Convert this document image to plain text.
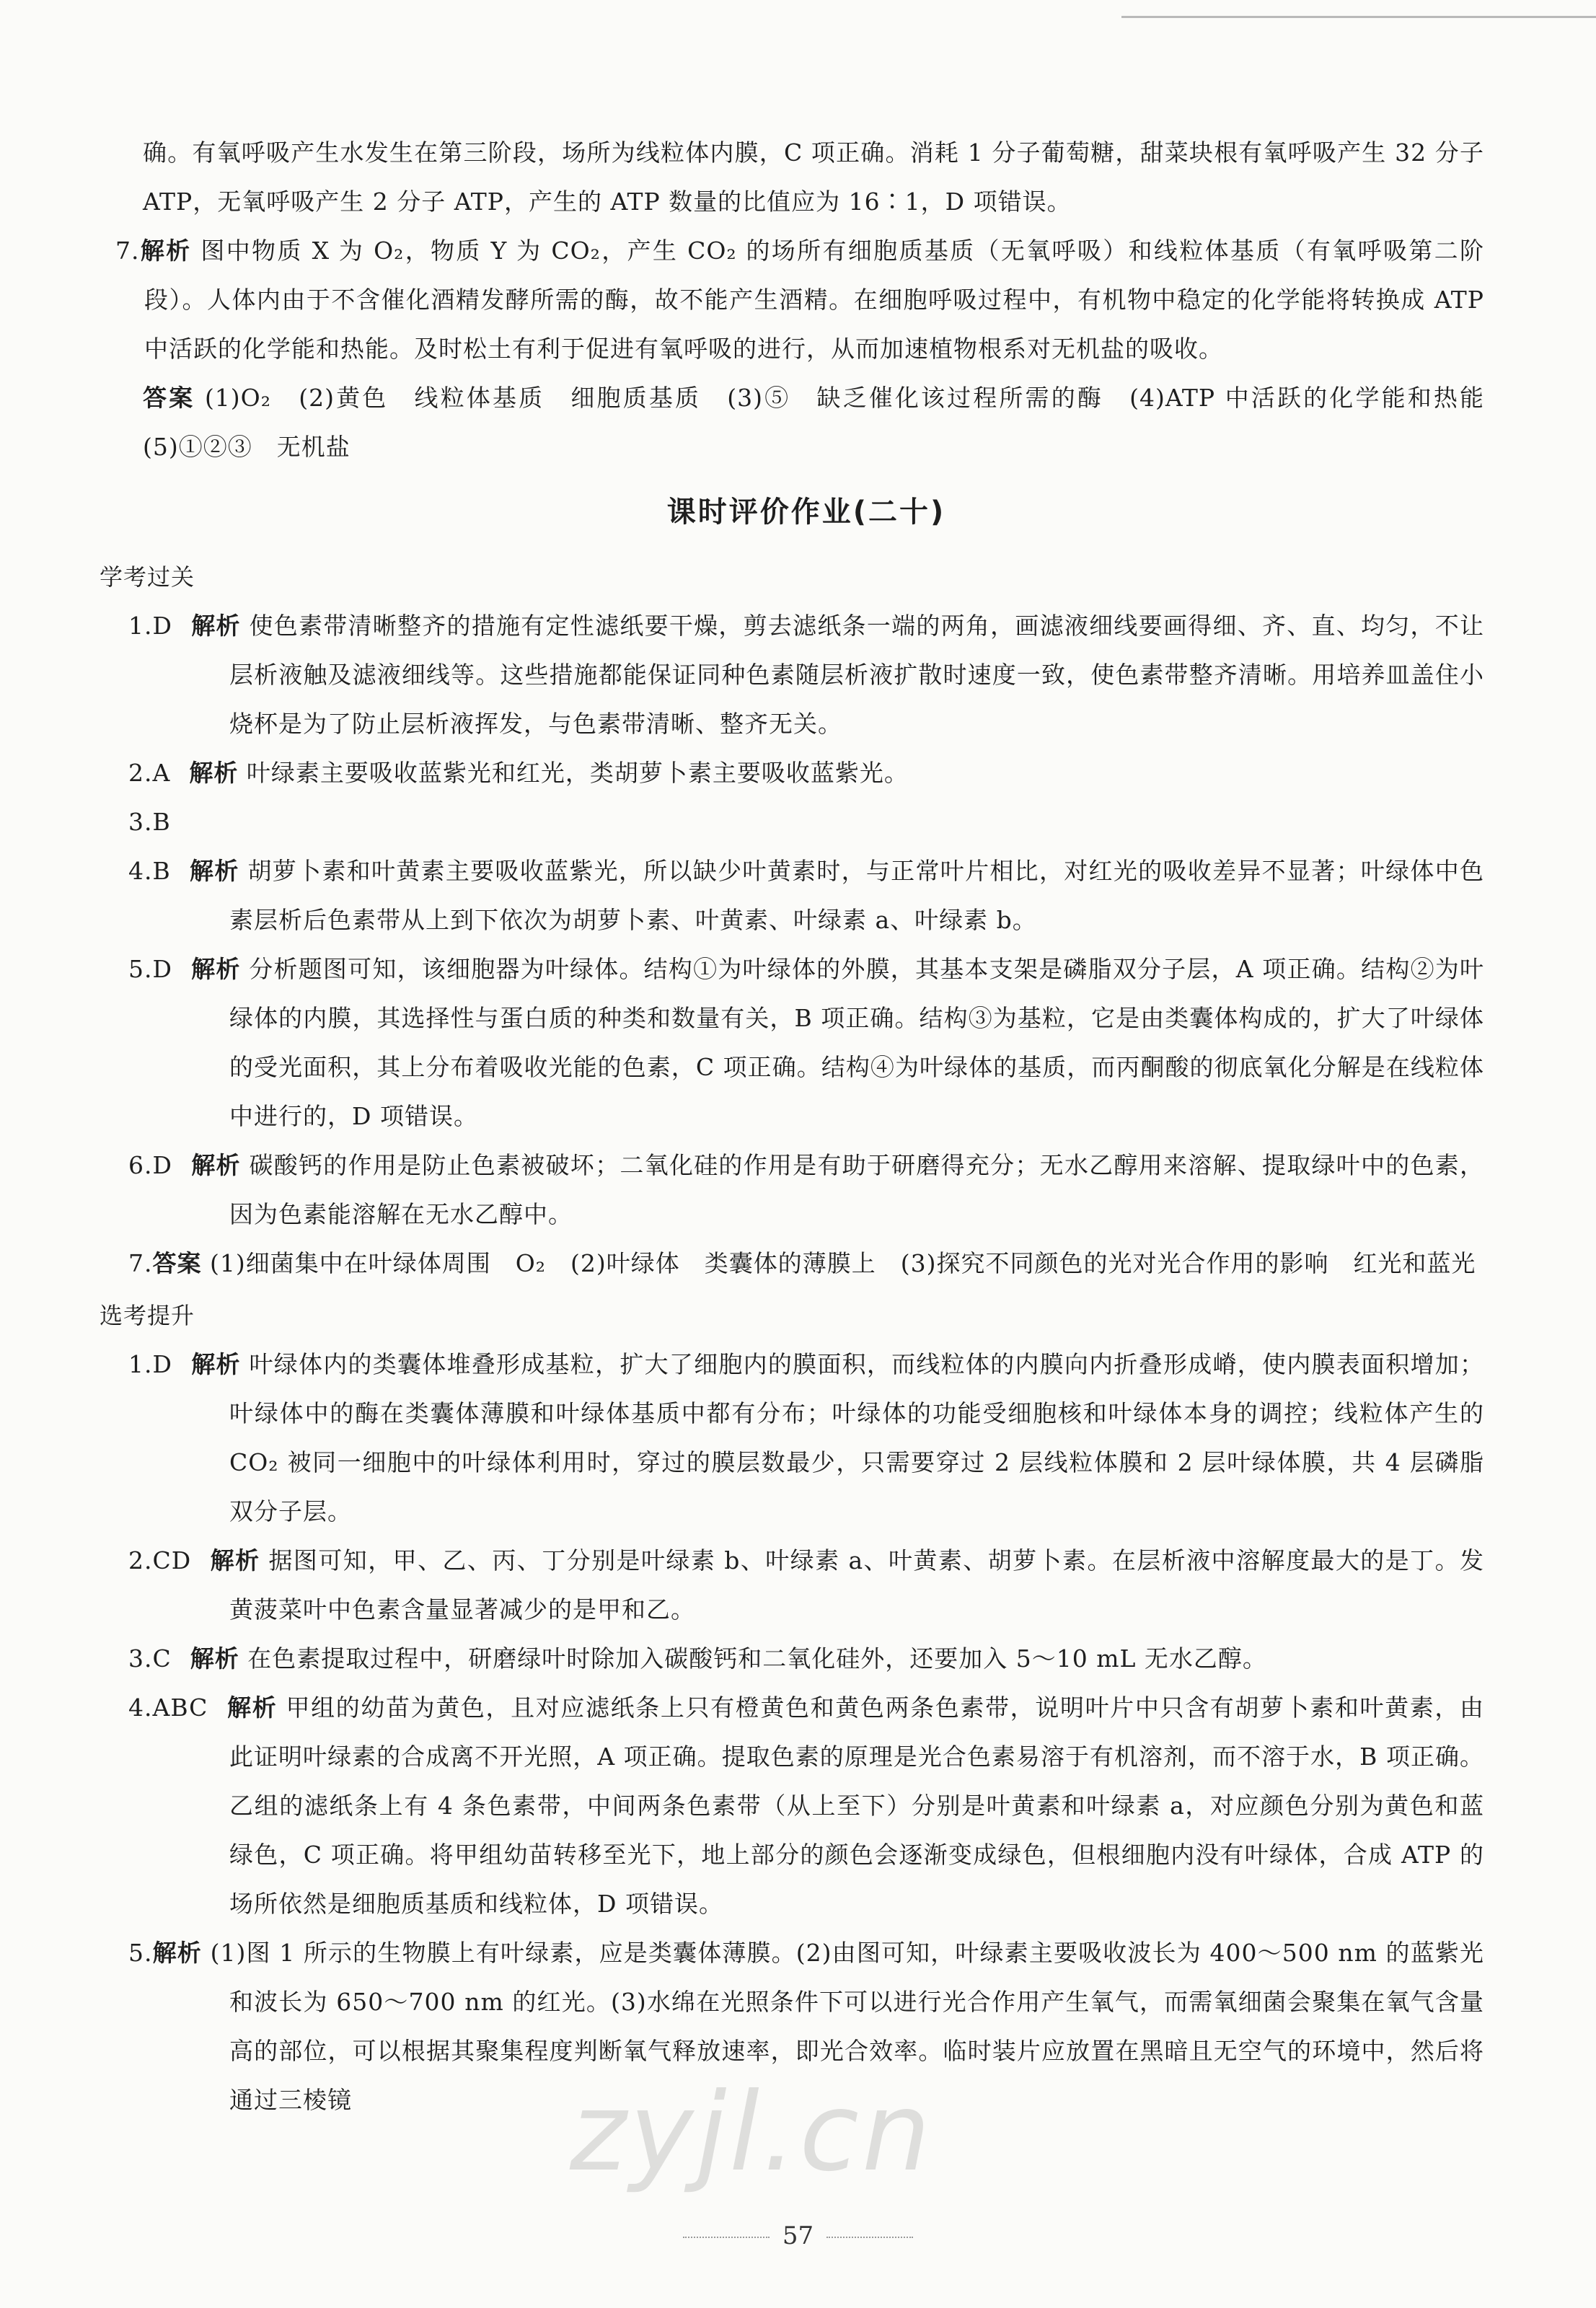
确。有氧呼吸产生水发生在第三阶段，场所为线粒体内膜，C 项正确。消耗 1 分子葡萄糖，甜菜块根有氧呼吸产生 32 分子 ATP，无氧呼吸产生 2 分子 ATP，产生的 ATP 数量的比值应为 16∶1，D 项错误。

7.解析 图中物质 X 为 O₂，物质 Y 为 CO₂，产生 CO₂ 的场所有细胞质基质（无氧呼吸）和线粒体基质（有氧呼吸第二阶段）。人体内由于不含催化酒精发酵所需的酶，故不能产生酒精。在细胞呼吸过程中，有机物中稳定的化学能将转换成 ATP 中活跃的化学能和热能。及时松土有利于促进有氧呼吸的进行，从而加速植物根系对无机盐的吸收。

答案 (1)O₂　(2)黄色　线粒体基质　细胞质基质　(3)⑤　缺乏催化该过程所需的酶　(4)ATP 中活跃的化学能和热能　(5)①②③　无机盐

课时评价作业(二十)
学考过关

1.D 解析 使色素带清晰整齐的措施有定性滤纸要干燥，剪去滤纸条一端的两角，画滤液细线要画得细、齐、直、均匀，不让层析液触及滤液细线等。这些措施都能保证同种色素随层析液扩散时速度一致，使色素带整齐清晰。用培养皿盖住小烧杯是为了防止层析液挥发，与色素带清晰、整齐无关。

2.A 解析 叶绿素主要吸收蓝紫光和红光，类胡萝卜素主要吸收蓝紫光。

3.B

4.B 解析 胡萝卜素和叶黄素主要吸收蓝紫光，所以缺少叶黄素时，与正常叶片相比，对红光的吸收差异不显著；叶绿体中色素层析后色素带从上到下依次为胡萝卜素、叶黄素、叶绿素 a、叶绿素 b。

5.D 解析 分析题图可知，该细胞器为叶绿体。结构①为叶绿体的外膜，其基本支架是磷脂双分子层，A 项正确。结构②为叶绿体的内膜，其选择性与蛋白质的种类和数量有关，B 项正确。结构③为基粒，它是由类囊体构成的，扩大了叶绿体的受光面积，其上分布着吸收光能的色素，C 项正确。结构④为叶绿体的基质，而丙酮酸的彻底氧化分解是在线粒体中进行的，D 项错误。

6.D 解析 碳酸钙的作用是防止色素被破坏；二氧化硅的作用是有助于研磨得充分；无水乙醇用来溶解、提取绿叶中的色素，因为色素能溶解在无水乙醇中。

7.答案 (1)细菌集中在叶绿体周围　O₂　(2)叶绿体　类囊体的薄膜上　(3)探究不同颜色的光对光合作用的影响　红光和蓝光

选考提升

1.D 解析 叶绿体内的类囊体堆叠形成基粒，扩大了细胞内的膜面积，而线粒体的内膜向内折叠形成嵴，使内膜表面积增加；叶绿体中的酶在类囊体薄膜和叶绿体基质中都有分布；叶绿体的功能受细胞核和叶绿体本身的调控；线粒体产生的 CO₂ 被同一细胞中的叶绿体利用时，穿过的膜层数最少，只需要穿过 2 层线粒体膜和 2 层叶绿体膜，共 4 层磷脂双分子层。

2.CD 解析 据图可知，甲、乙、丙、丁分别是叶绿素 b、叶绿素 a、叶黄素、胡萝卜素。在层析液中溶解度最大的是丁。发黄菠菜叶中色素含量显著减少的是甲和乙。

3.C 解析 在色素提取过程中，研磨绿叶时除加入碳酸钙和二氧化硅外，还要加入 5～10 mL 无水乙醇。

4.ABC 解析 甲组的幼苗为黄色，且对应滤纸条上只有橙黄色和黄色两条色素带，说明叶片中只含有胡萝卜素和叶黄素，由此证明叶绿素的合成离不开光照，A 项正确。提取色素的原理是光合色素易溶于有机溶剂，而不溶于水，B 项正确。乙组的滤纸条上有 4 条色素带，中间两条色素带（从上至下）分别是叶黄素和叶绿素 a，对应颜色分别为黄色和蓝绿色，C 项正确。将甲组幼苗转移至光下，地上部分的颜色会逐渐变成绿色，但根细胞内没有叶绿体，合成 ATP 的场所依然是细胞质基质和线粒体，D 项错误。

5.解析 (1)图 1 所示的生物膜上有叶绿素，应是类囊体薄膜。(2)由图可知，叶绿素主要吸收波长为 400～500 nm 的蓝紫光和波长为 650～700 nm 的红光。(3)水绵在光照条件下可以进行光合作用产生氧气，而需氧细菌会聚集在氧气含量高的部位，可以根据其聚集程度判断氧气释放速率，即光合效率。临时装片应放置在黑暗且无空气的环境中，然后将通过三棱镜	zyjl.cn
57
